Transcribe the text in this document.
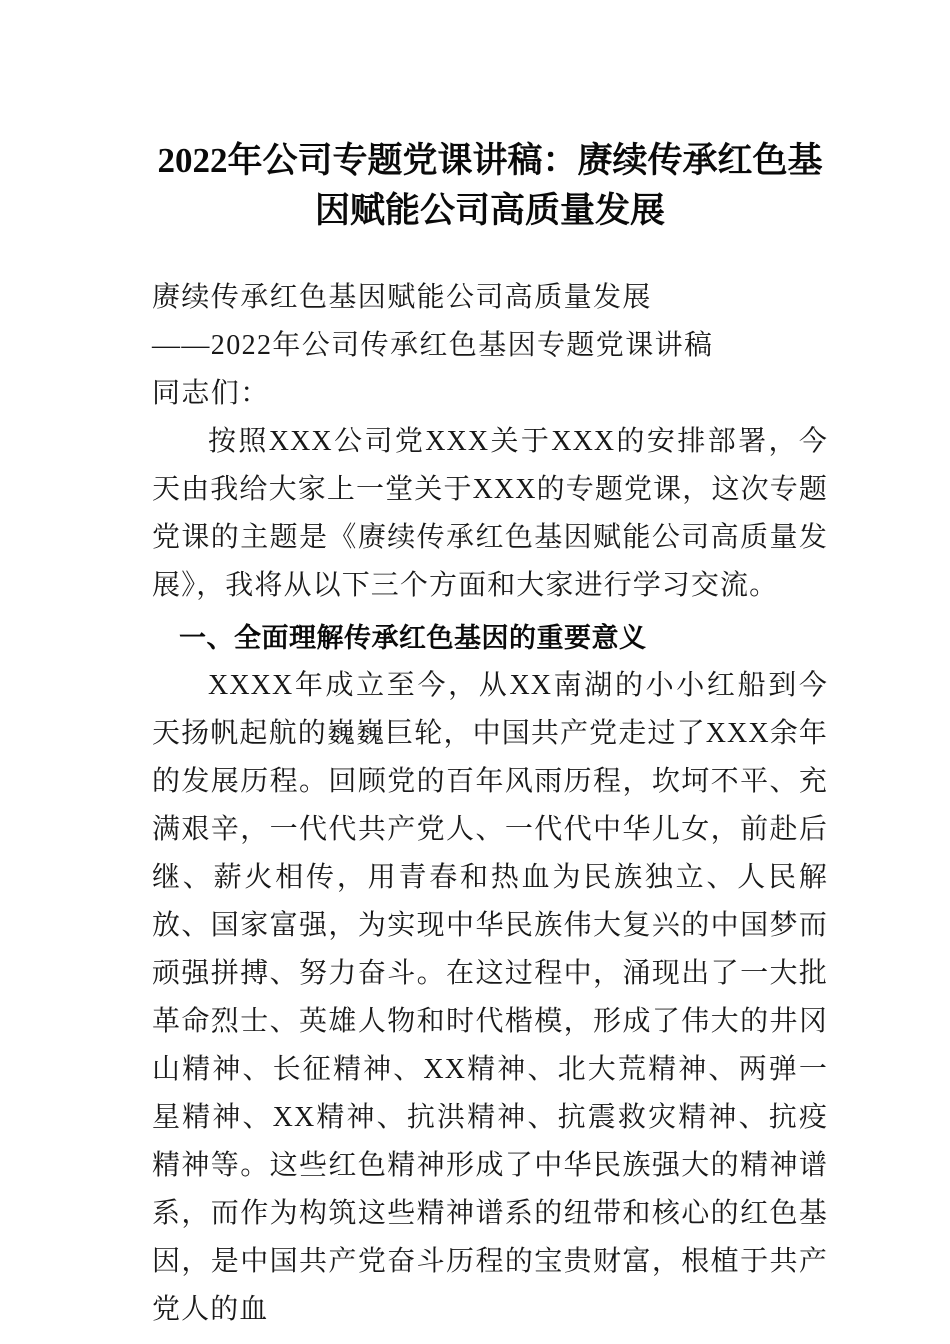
2022年公司专题党课讲稿：赓续传承红色基因赋能公司高质量发展

赓续传承红色基因赋能公司高质量发展

——2022年公司传承红色基因专题党课讲稿

同志们：

按照XXX公司党XXX关于XXX的安排部署，今天由我给大家上一堂关于XXX的专题党课，这次专题党课的主题是《赓续传承红色基因赋能公司高质量发展》，我将从以下三个方面和大家进行学习交流。

一、全面理解传承红色基因的重要意义

XXXX年成立至今，从XX南湖的小小红船到今天扬帆起航的巍巍巨轮，中国共产党走过了XXX余年的发展历程。回顾党的百年风雨历程，坎坷不平、充满艰辛，一代代共产党人、一代代中华儿女，前赴后继、薪火相传，用青春和热血为民族独立、人民解放、国家富强，为实现中华民族伟大复兴的中国梦而顽强拼搏、努力奋斗。在这过程中，涌现出了一大批革命烈士、英雄人物和时代楷模，形成了伟大的井冈山精神、长征精神、XX精神、北大荒精神、两弹一星精神、XX精神、抗洪精神、抗震救灾精神、抗疫精神等。这些红色精神形成了中华民族强大的精神谱系，而作为构筑这些精神谱系的纽带和核心的红色基因，是中国共产党奋斗历程的宝贵财富，根植于共产党人的血
